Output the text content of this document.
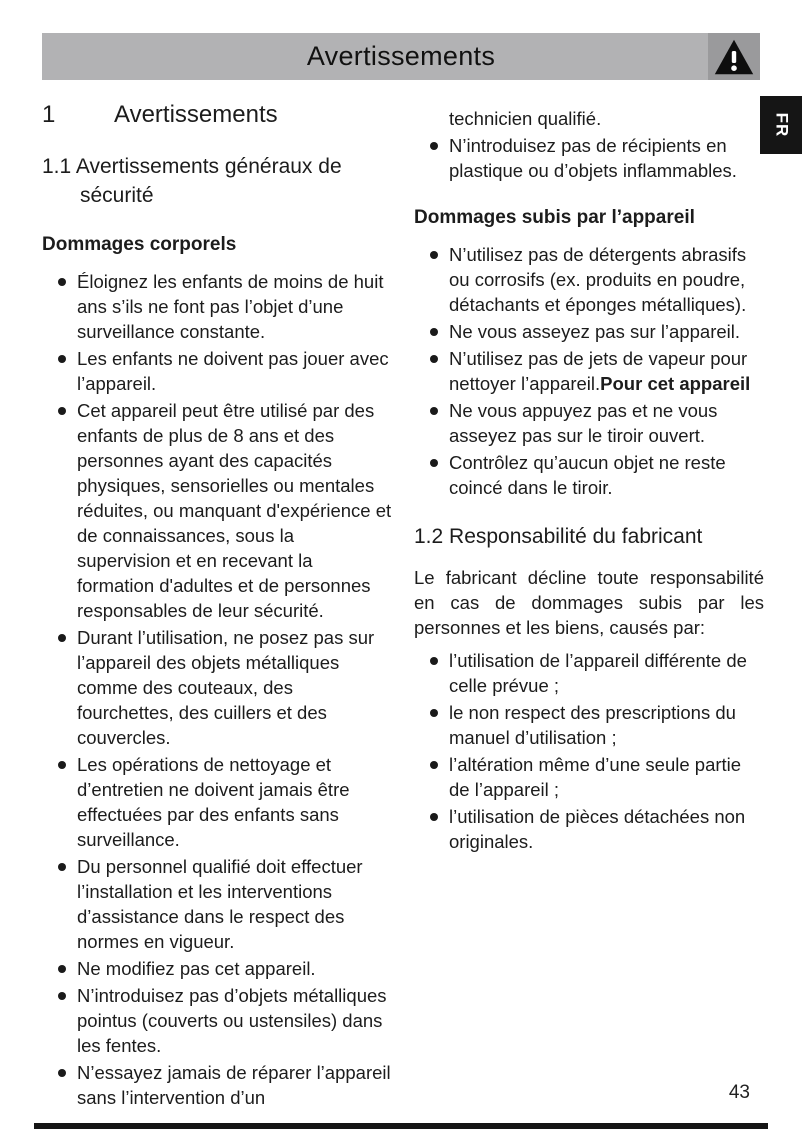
Avertissements
FR
1	Avertissements
1.1 Avertissements généraux de sécurité
Dommages corporels
Éloignez les enfants de moins de huit ans s’ils ne font pas l’objet d’une surveillance constante.
Les enfants ne doivent pas jouer avec l’appareil.
Cet appareil peut être utilisé par des enfants de plus de 8 ans et des personnes ayant des capacités physiques, sensorielles ou mentales réduites, ou manquant d'expérience et de connaissances, sous la supervision et en recevant la formation d'adultes et de personnes responsables de leur sécurité.
Durant l’utilisation, ne posez pas sur l’appareil des objets métalliques comme des couteaux, des fourchettes, des cuillers et des couvercles.
Les opérations de nettoyage et d’entretien ne doivent jamais être effectuées par des enfants sans surveillance.
Du personnel qualifié doit effectuer l’installation et les interventions d’assistance dans le respect des normes en vigueur.
Ne modifiez pas cet appareil.
N’introduisez pas d’objets métalliques pointus (couverts ou ustensiles) dans les fentes.
N’essayez jamais de réparer l’appareil sans l’intervention d’un

technicien qualifié.

N’introduisez pas de récipients en plastique ou d’objets inflammables.
Dommages subis par l’appareil
N’utilisez pas de détergents abrasifs ou corrosifs (ex. produits en poudre, détachants et éponges métalliques).
Ne vous asseyez pas sur l’appareil.
N’utilisez pas de jets de vapeur pour nettoyer l’appareil.Pour cet appareil
Ne vous appuyez pas et ne vous asseyez pas sur le tiroir ouvert.
Contrôlez qu’aucun objet ne reste coincé dans le tiroir.
1.2 Responsabilité du fabricant

Le fabricant décline toute responsabilité en cas de dommages subis par les personnes et les biens, causés par:

l’utilisation de l’appareil différente de celle prévue ;
le non respect des prescriptions du manuel d’utilisation ;
l’altération même d’une seule partie de l’appareil ;
l’utilisation de pièces détachées non originales.
43
